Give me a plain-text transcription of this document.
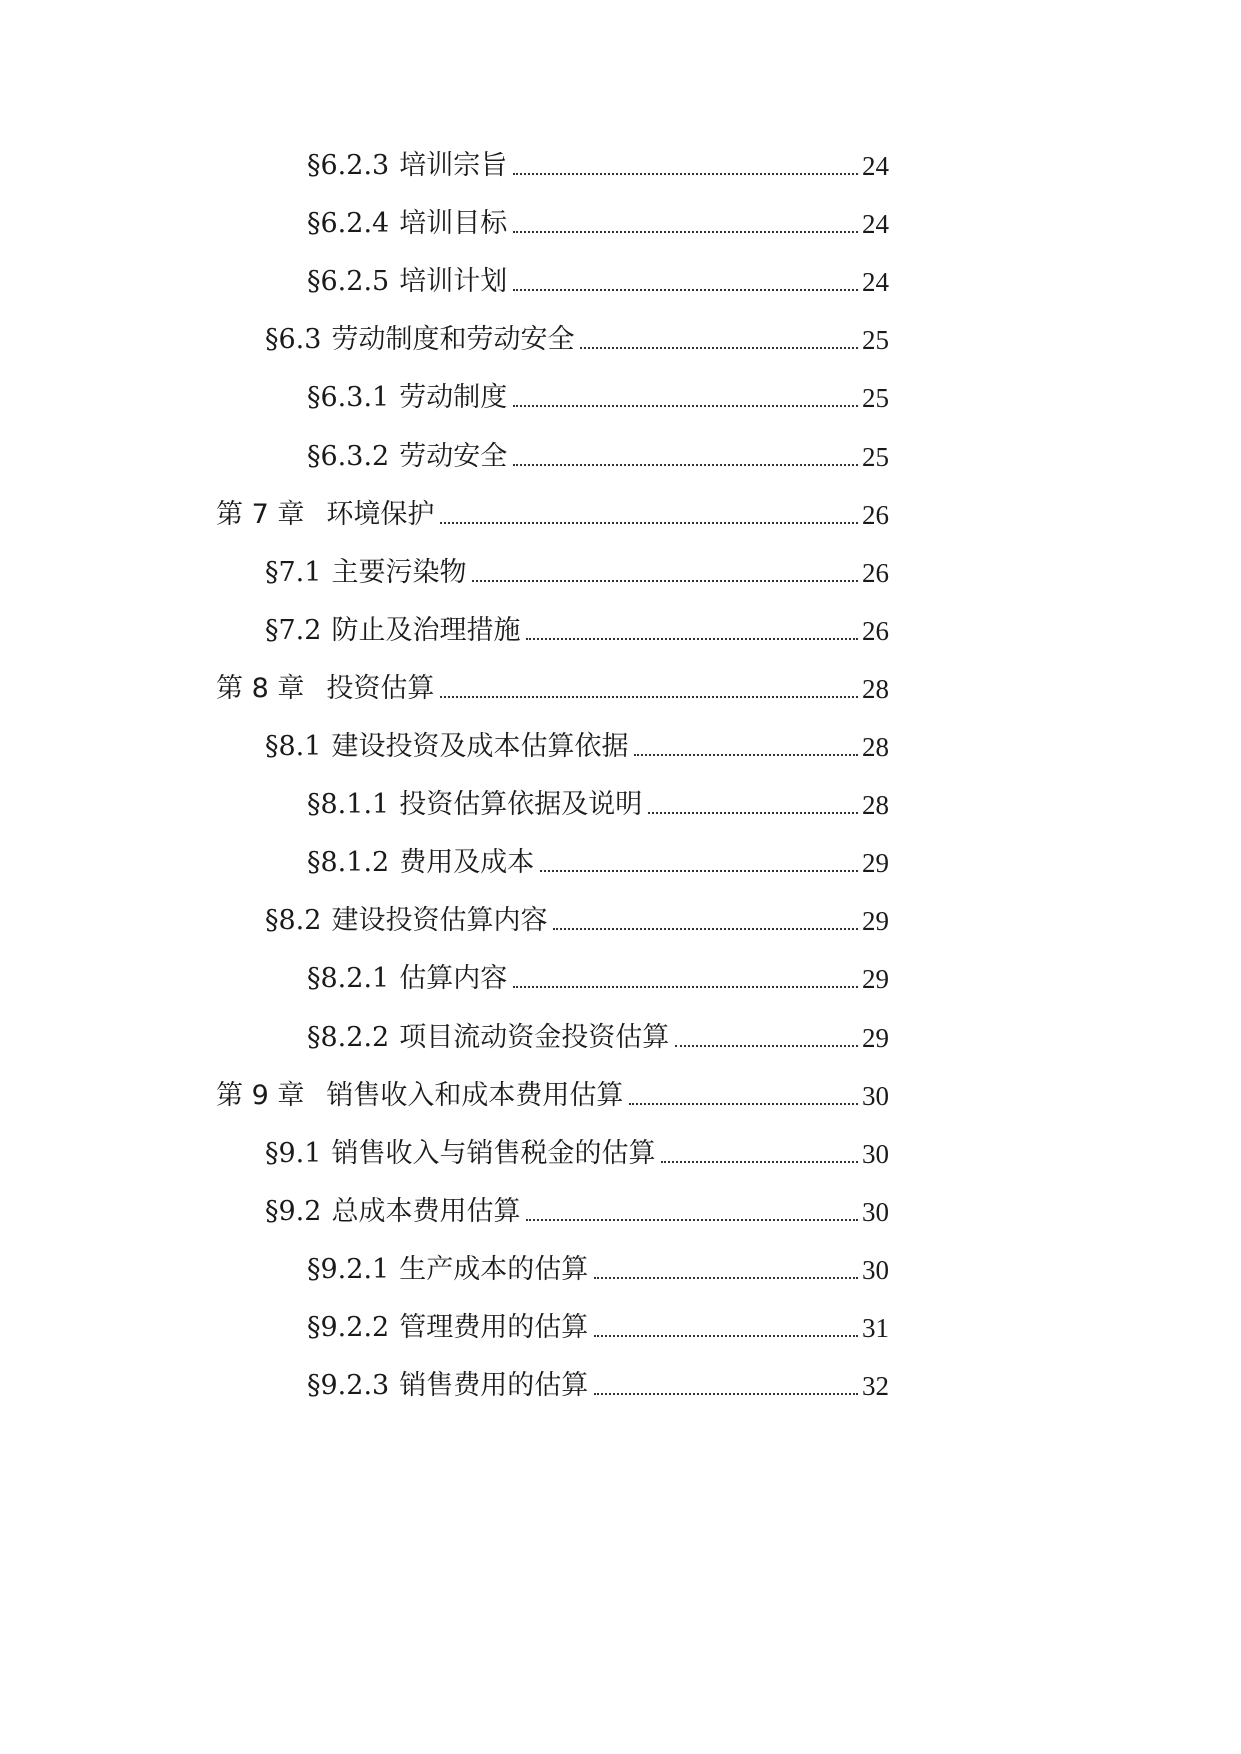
§6.2.3 培训宗旨	24
§6.2.4 培训目标	24
§6.2.5 培训计划	24
§6.3 劳动制度和劳动安全	25
§6.3.1 劳动制度	25
§6.3.2 劳动安全	25
第 7 章 环境保护	26
§7.1 主要污染物	26
§7.2 防止及治理措施	26
第 8 章 投资估算	28
§8.1 建设投资及成本估算依据	28
§8.1.1 投资估算依据及说明	28
§8.1.2 费用及成本	29
§8.2 建设投资估算内容	29
§8.2.1 估算内容	29
§8.2.2 项目流动资金投资估算	29
第 9 章 销售收入和成本费用估算	30
§9.1 销售收入与销售税金的估算	30
§9.2 总成本费用估算	30
§9.2.1 生产成本的估算	30
§9.2.2 管理费用的估算	31
§9.2.3 销售费用的估算	32
